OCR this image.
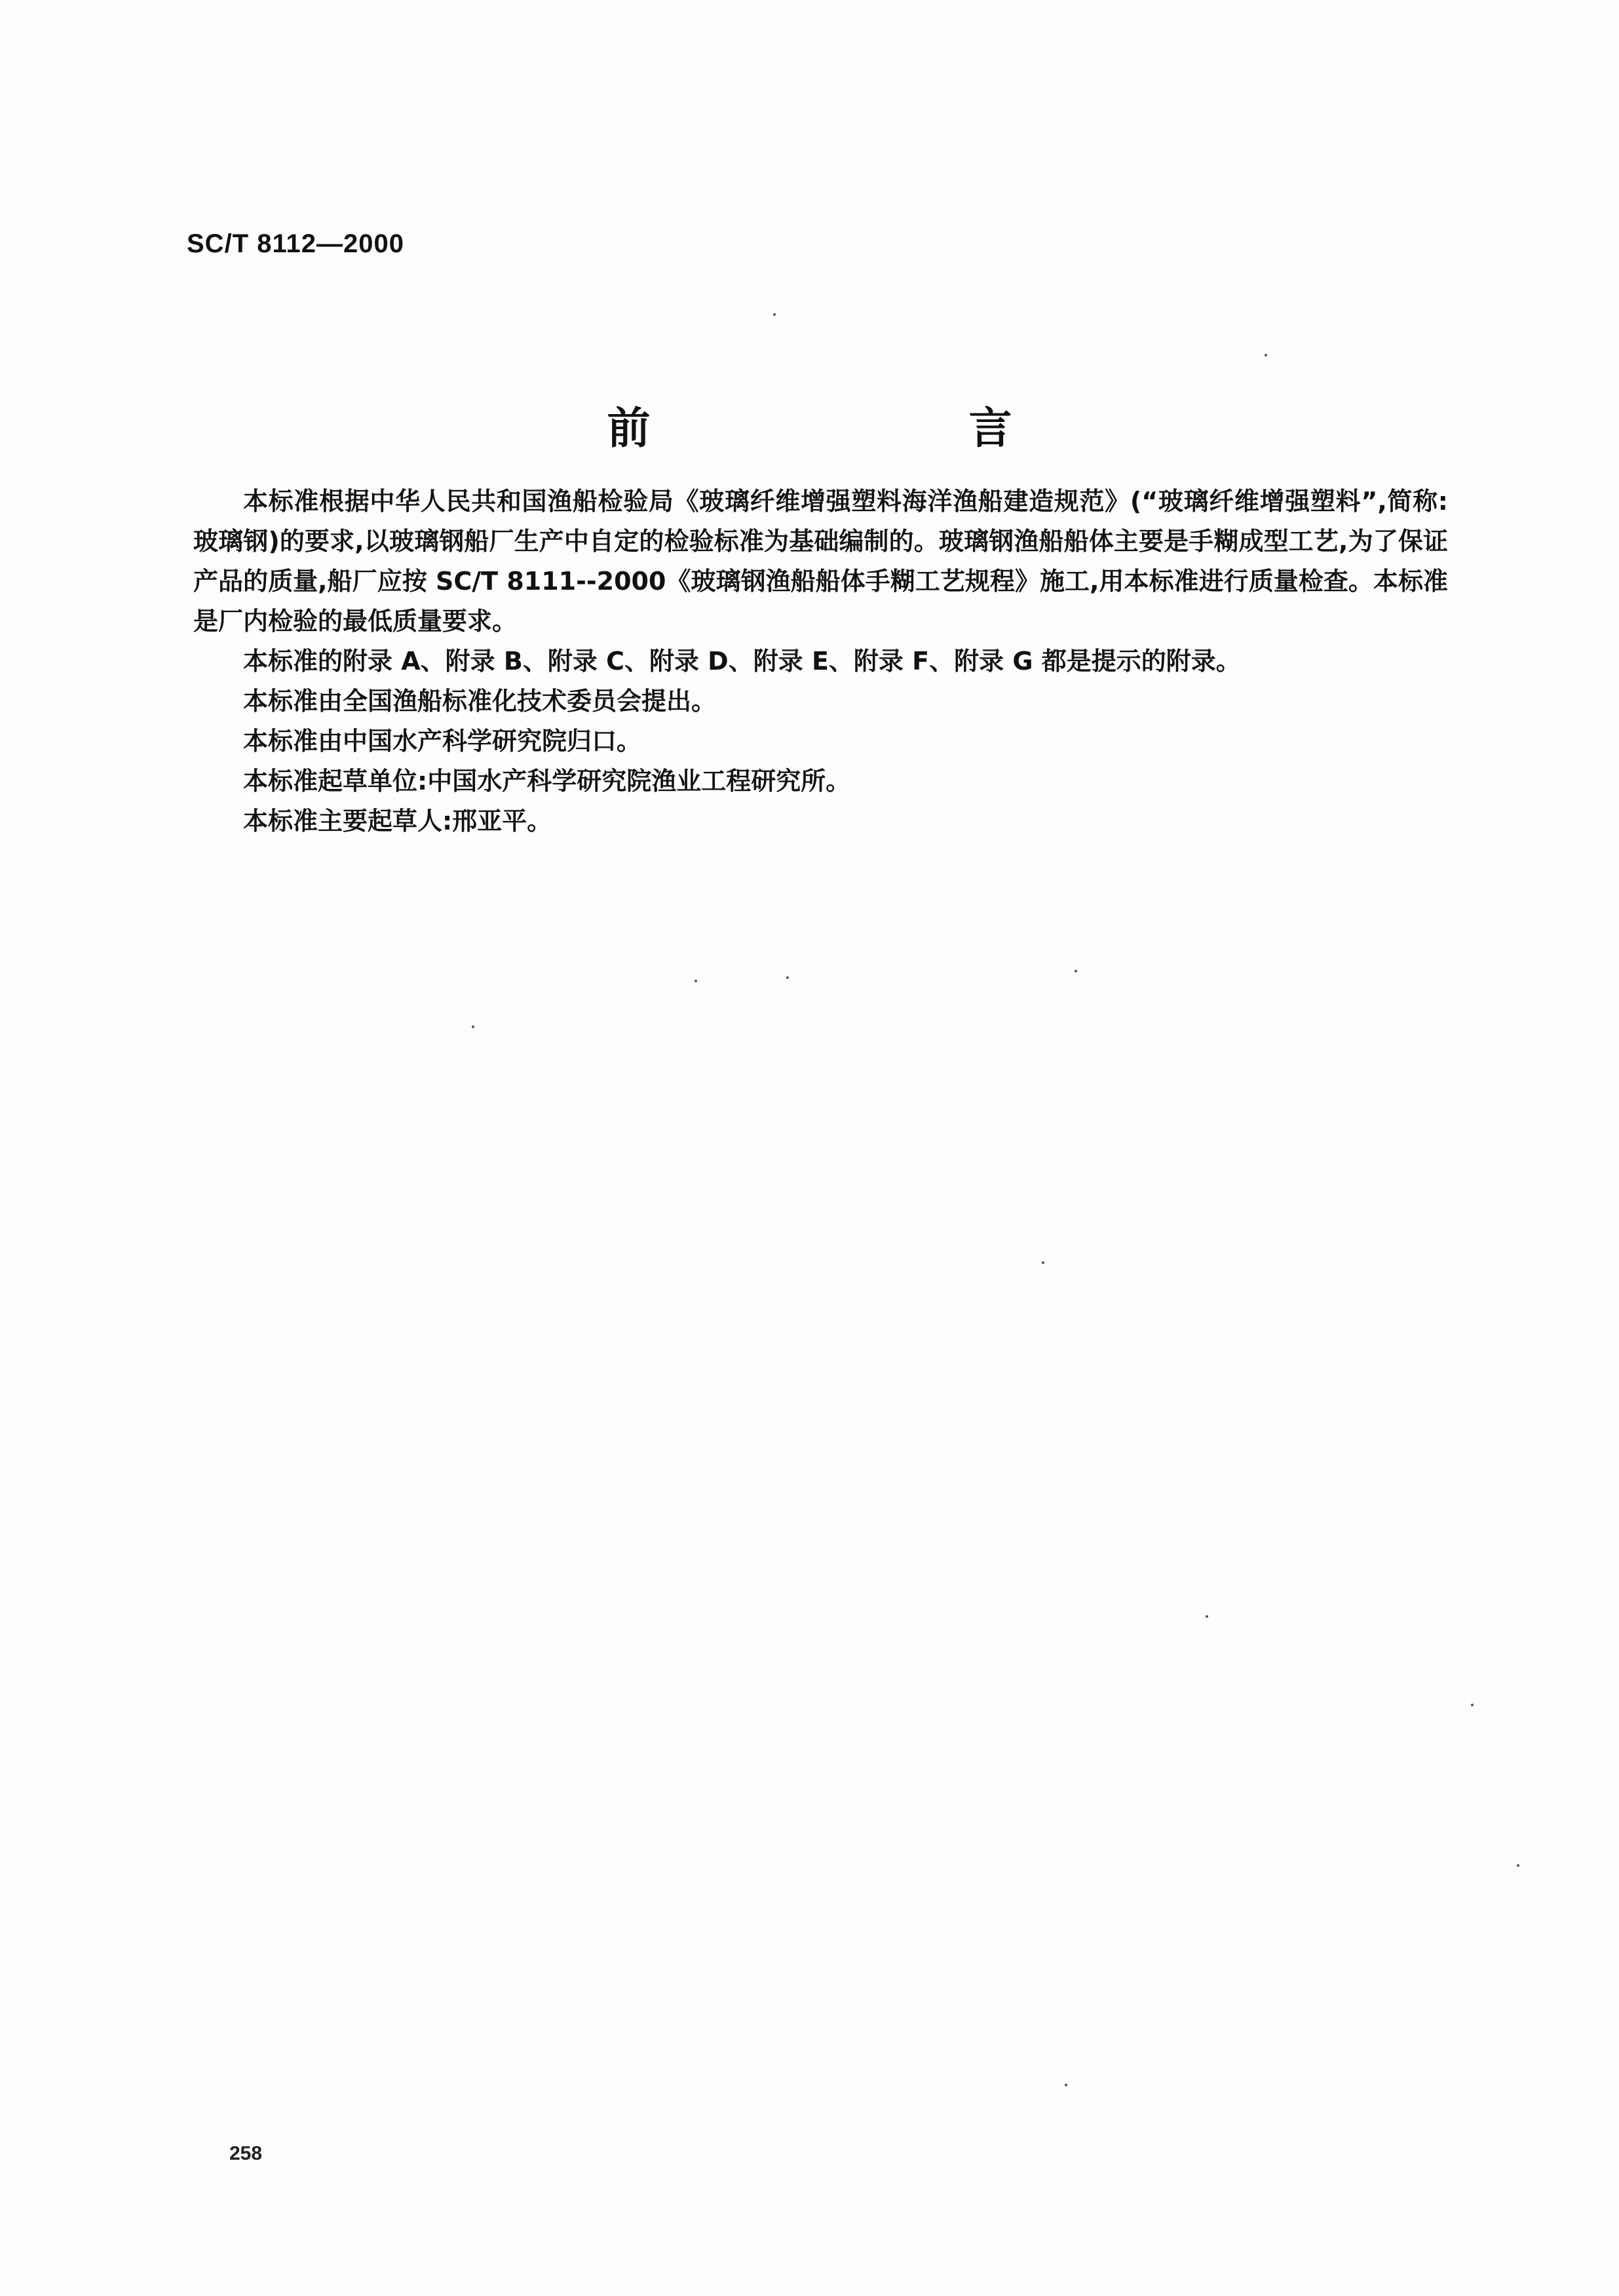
SC/T 8112—2000
前　言

本标准根据中华人民共和国渔船检验局《玻璃纤维增强塑料海洋渔船建造规范》(“玻璃纤维增强塑料”,简称:玻璃钢)的要求,以玻璃钢船厂生产中自定的检验标准为基础编制的。玻璃钢渔船船体主要是手糊成型工艺,为了保证产品的质量,船厂应按 SC/T 8111--2000《玻璃钢渔船船体手糊工艺规程》施工,用本标准进行质量检查。本标准是厂内检验的最低质量要求。

本标准的附录 A、附录 B、附录 C、附录 D、附录 E、附录 F、附录 G 都是提示的附录。

本标准由全国渔船标准化技术委员会提出。

本标准由中国水产科学研究院归口。

本标准起草单位:中国水产科学研究院渔业工程研究所。

本标准主要起草人:邢亚平。

258
